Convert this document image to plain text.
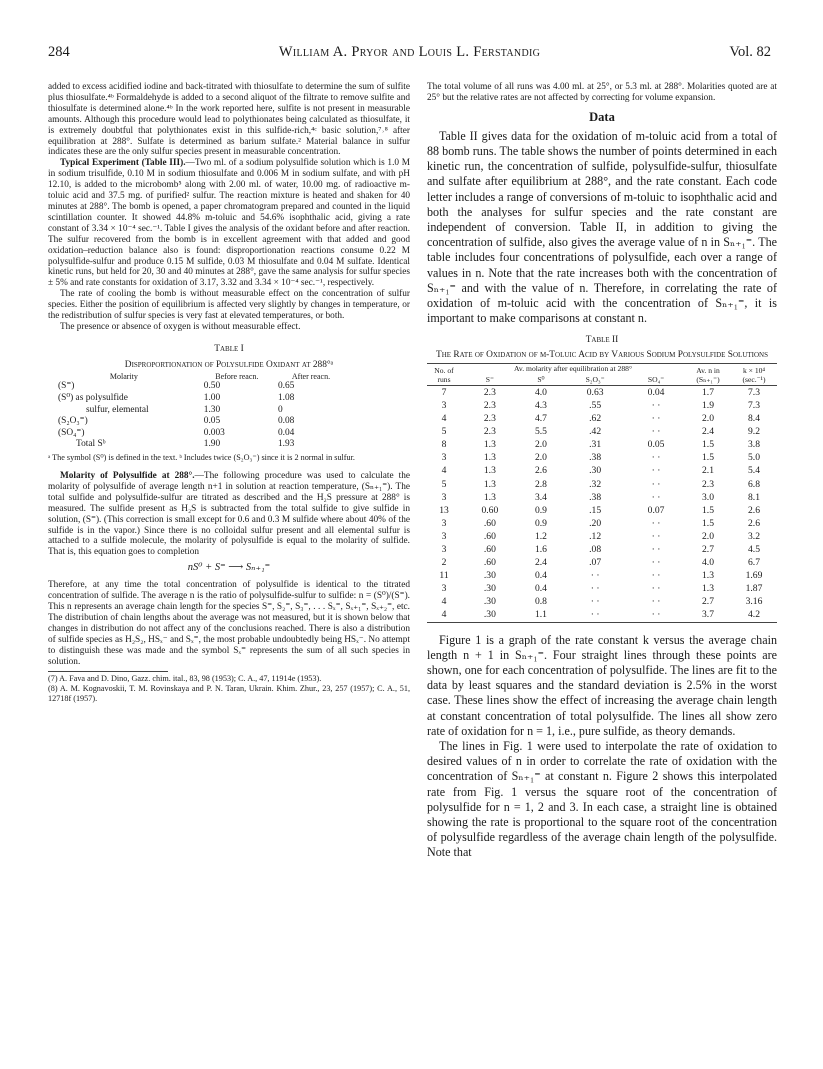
284	William A. Pryor and Louis L. Ferstandig	Vol. 82

added to excess acidified iodine and back-titrated with thiosulfate to determine the sum of sulfite plus thiosulfate.⁴ᵇ Formaldehyde is added to a second aliquot of the filtrate to remove sulfite and thiosulfate is determined alone.⁴ᵇ In the work reported here, sulfite is not present in measurable amounts. Although this procedure would lead to polythionates being calculated as thiosulfate, it is extremely doubtful that polythionates exist in this sulfide-rich,⁴ᶜ basic solution,⁷˒⁸ after equilibration at 288°. Sulfate is determined as barium sulfate.² Material balance in sulfur indicates these are the only sulfur species present in measurable concentration.

Typical Experiment (Table III).—Two ml. of a sodium polysulfide solution which is 1.0 M in sodium trisulfide, 0.10 M in sodium thiosulfate and 0.006 M in sodium sulfate, and with pH 12.10, is added to the microbomb⁵ along with 2.00 ml. of water, 10.00 mg. of radioactive m-toluic acid and 37.5 mg. of purified² sulfur. The reaction mixture is heated and shaken for 40 minutes at 288°. The bomb is opened, a paper chromatogram prepared and counted in the liquid scintillation counter. It showed 44.8% m-toluic and 54.6% isophthalic acid, giving a rate constant of 3.34 × 10⁻⁴ sec.⁻¹. Table I gives the analysis of the oxidant before and after reaction. The sulfur recovered from the bomb is in excellent agreement with that added and good oxidation–reduction balance also is found: disproportionation reactions consume 0.22 M polysulfide-sulfur and produce 0.15 M sulfide, 0.03 M thiosulfate and 0.04 M sulfate. Identical kinetic runs, but held for 20, 30 and 40 minutes at 288°, gave the same analysis for sulfur species ± 5% and rate constants for oxidation of 3.17, 3.32 and 3.34 × 10⁻⁴ sec.⁻¹, respectively.

The rate of cooling the bomb is without measurable effect on the concentration of sulfur species. Either the position of equilibrium is affected very slightly by changes in temperature, or the redistribution of sulfur species is very fast at elevated temperatures, or both.

The presence or absence of oxygen is without measurable effect.

Table I
Disproportionation of Polysulfide Oxidant at 288°ᵃ
Molarity	Before reacn.	After reacn.
(S⁼)	0.50	0.65
(S⁰) as polysulfide	1.00	1.08
sulfur, elemental	1.30	0
(S₂O₃⁼)	0.05	0.08
(SO₄⁼)	0.003	0.04
Total Sᵇ	1.90	1.93

ᵃ The symbol (S⁰) is defined in the text. ᵇ Includes twice (S₂O₃⁼) since it is 2 normal in sulfur.

Molarity of Polysulfide at 288°.—The following procedure was used to calculate the molarity of polysulfide of average length n+1 in solution at reaction temperature, (Sₙ₊₁⁼). The total sulfide and polysulfide-sulfur are titrated as described and the H₂S pressure at 288° is measured. The sulfide present as H₂S is subtracted from the total sulfide to give sulfide in solution, (S⁼). (This correction is small except for 0.6 and 0.3 M sulfide where about 40% of the sulfide is in the vapor.) Since there is no colloidal sulfur present and all elemental sulfur is attached to a sulfide molecule, the molarity of polysulfide is equal to the molarity of sulfide. That is, this equation goes to completion

nS⁰ + S⁼ ⟶ Sₙ₊₁⁼

Therefore, at any time the total concentration of polysulfide is identical to the titrated concentration of sulfide. The average n is the ratio of polysulfide-sulfur to sulfide: n = (S⁰)/(S⁼). This n represents an average chain length for the species S⁼, S₂⁼, S₃⁼, . . . Sₓ⁼, Sₓ₊₁⁼, Sₓ₊₂⁼, etc. The distribution of chain lengths about the average was not measured, but it is shown below that changes in distribution do not affect any of the conclusions reached. There is also a distribution of sulfide species as H₂S₂, HSₓ⁻ and Sₓ⁼, the most probable undoubtedly being HSₓ⁻. No attempt to distinguish these was made and the symbol Sₓ⁼ represents the sum of all such species in solution.

(7) A. Fava and D. Dino, Gazz. chim. ital., 83, 98 (1953); C. A., 47, 11914e (1953).

(8) A. M. Kognavoskii, T. M. Rovinskaya and P. N. Taran, Ukrain. Khim. Zhur., 23, 257 (1957); C. A., 51, 12718f (1957).

The total volume of all runs was 4.00 ml. at 25°, or 5.3 ml. at 288°. Molarities quoted are at 25° but the relative rates are not affected by correcting for volume expansion.

Data

Table II gives data for the oxidation of m-toluic acid from a total of 88 bomb runs. The table shows the number of points determined in each kinetic run, the concentration of sulfide, polysulfide-sulfur, thiosulfate and sulfate after equilibrium at 288°, and the rate constant. Each code letter includes a range of conversions of m-toluic to isophthalic acid and both the analyses for sulfur species and the rate constant are independent of conversion. Table II, in addition to giving the concentration of sulfide, also gives the average value of n in Sₙ₊₁⁼. The table includes four concentrations of polysulfide, each over a range of values in n. Note that the rate increases both with the concentration of Sₙ₊₁⁼ and with the value of n. Therefore, in correlating the rate of oxidation of m-toluic acid with the concentration of Sₙ₊₁⁼, it is important to make comparisons at constant n.

Table II
The Rate of Oxidation of m-Toluic Acid by Various Sodium Polysulfide Solutions
No. of runs	Av. molarity after equilibration at 288°				Av. n in (Sₙ₊₁⁼)	k × 10⁴ (sec.⁻¹)
	S⁼	S⁰	S₂O₃⁼	SO₄⁼		
7	2.3	4.0	0.63	0.04	1.7	7.3
3	2.3	4.3	.55	· ·	1.9	7.3
4	2.3	4.7	.62	· ·	2.0	8.4
5	2.3	5.5	.42	· ·	2.4	9.2
8	1.3	2.0	.31	0.05	1.5	3.8
3	1.3	2.0	.38	· ·	1.5	5.0
4	1.3	2.6	.30	· ·	2.1	5.4
5	1.3	2.8	.32	· ·	2.3	6.8
3	1.3	3.4	.38	· ·	3.0	8.1
13	0.60	0.9	.15	0.07	1.5	2.6
3	.60	0.9	.20	· ·	1.5	2.6
3	.60	1.2	.12	· ·	2.0	3.2
3	.60	1.6	.08	· ·	2.7	4.5
2	.60	2.4	.07	· ·	4.0	6.7
11	.30	0.4	· ·	· ·	1.3	1.69
3	.30	0.4	· ·	· ·	1.3	1.87
4	.30	0.8	· ·	· ·	2.7	3.16
4	.30	1.1	· ·	· ·	3.7	4.2

Figure 1 is a graph of the rate constant k versus the average chain length n + 1 in Sₙ₊₁⁼. Four straight lines through these points are shown, one for each concentration of polysulfide. The lines are fit to the data by least squares and the standard deviation is 2.5% in the worst case. These lines show the effect of increasing the average chain length at constant concentration of total polysulfide. The lines all show zero rate of oxidation for n = 1, i.e., pure sulfide, as theory demands.

The lines in Fig. 1 were used to interpolate the rate of oxidation to desired values of n in order to correlate the rate of oxidation with the concentration of Sₙ₊₁⁼ at constant n. Figure 2 shows this interpolated rate from Fig. 1 versus the square root of the concentration of polysulfide for n = 1, 2 and 3. In each case, a straight line is obtained showing the rate is proportional to the square root of the concentration of polysulfide regardless of the average chain length of the polysulfide. Note that
